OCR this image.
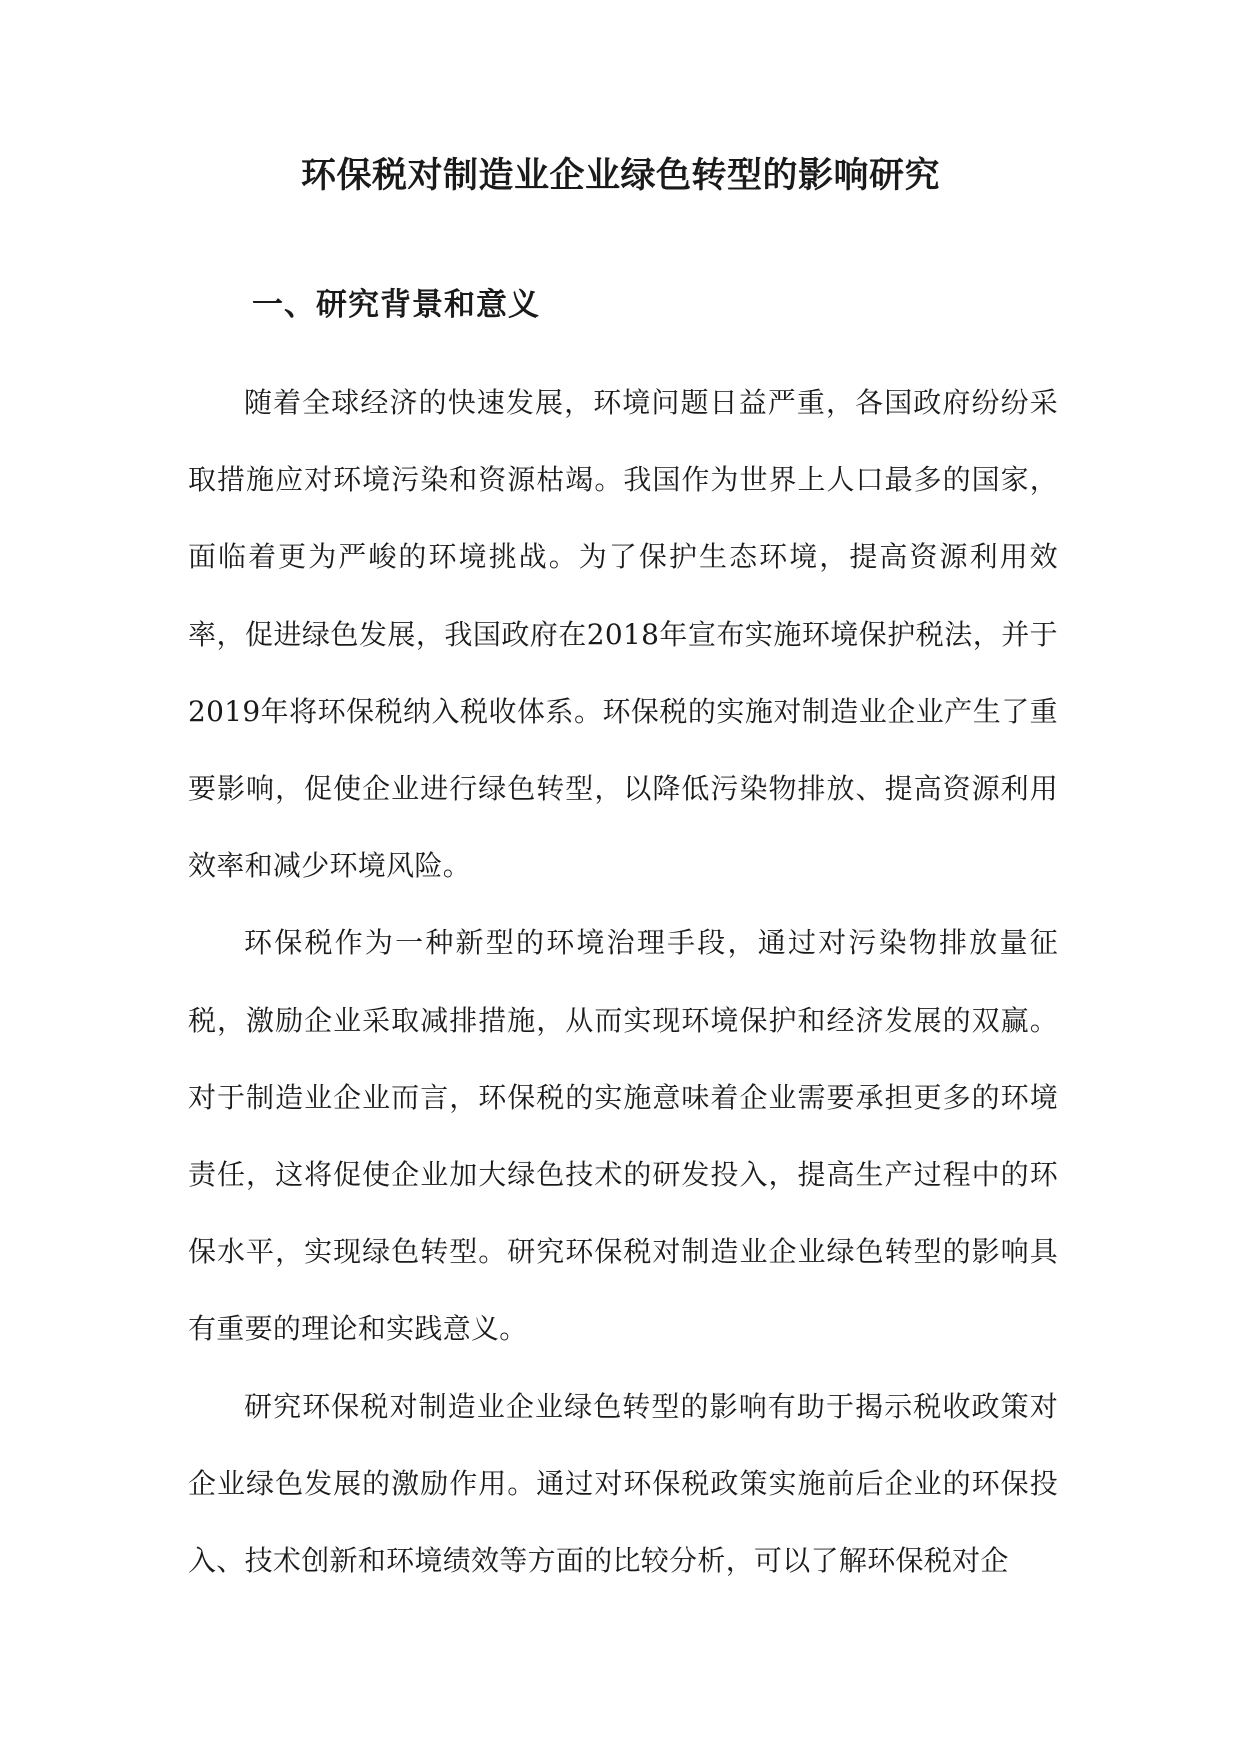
环保税对制造业企业绿色转型的影响研究
一、研究背景和意义

随着全球经济的快速发展，环境问题日益严重，各国政府纷纷采取措施应对环境污染和资源枯竭。我国作为世界上人口最多的国家，面临着更为严峻的环境挑战。为了保护生态环境，提高资源利用效率，促进绿色发展，我国政府在2018年宣布实施环境保护税法，并于2019年将环保税纳入税收体系。环保税的实施对制造业企业产生了重要影响，促使企业进行绿色转型，以降低污染物排放、提高资源利用效率和减少环境风险。

环保税作为一种新型的环境治理手段，通过对污染物排放量征税，激励企业采取减排措施，从而实现环境保护和经济发展的双赢。对于制造业企业而言，环保税的实施意味着企业需要承担更多的环境责任，这将促使企业加大绿色技术的研发投入，提高生产过程中的环保水平，实现绿色转型。研究环保税对制造业企业绿色转型的影响具有重要的理论和实践意义。

研究环保税对制造业企业绿色转型的影响有助于揭示税收政策对企业绿色发展的激励作用。通过对环保税政策实施前后企业的环保投入、技术创新和环境绩效等方面的比较分析，可以了解环保税对企
